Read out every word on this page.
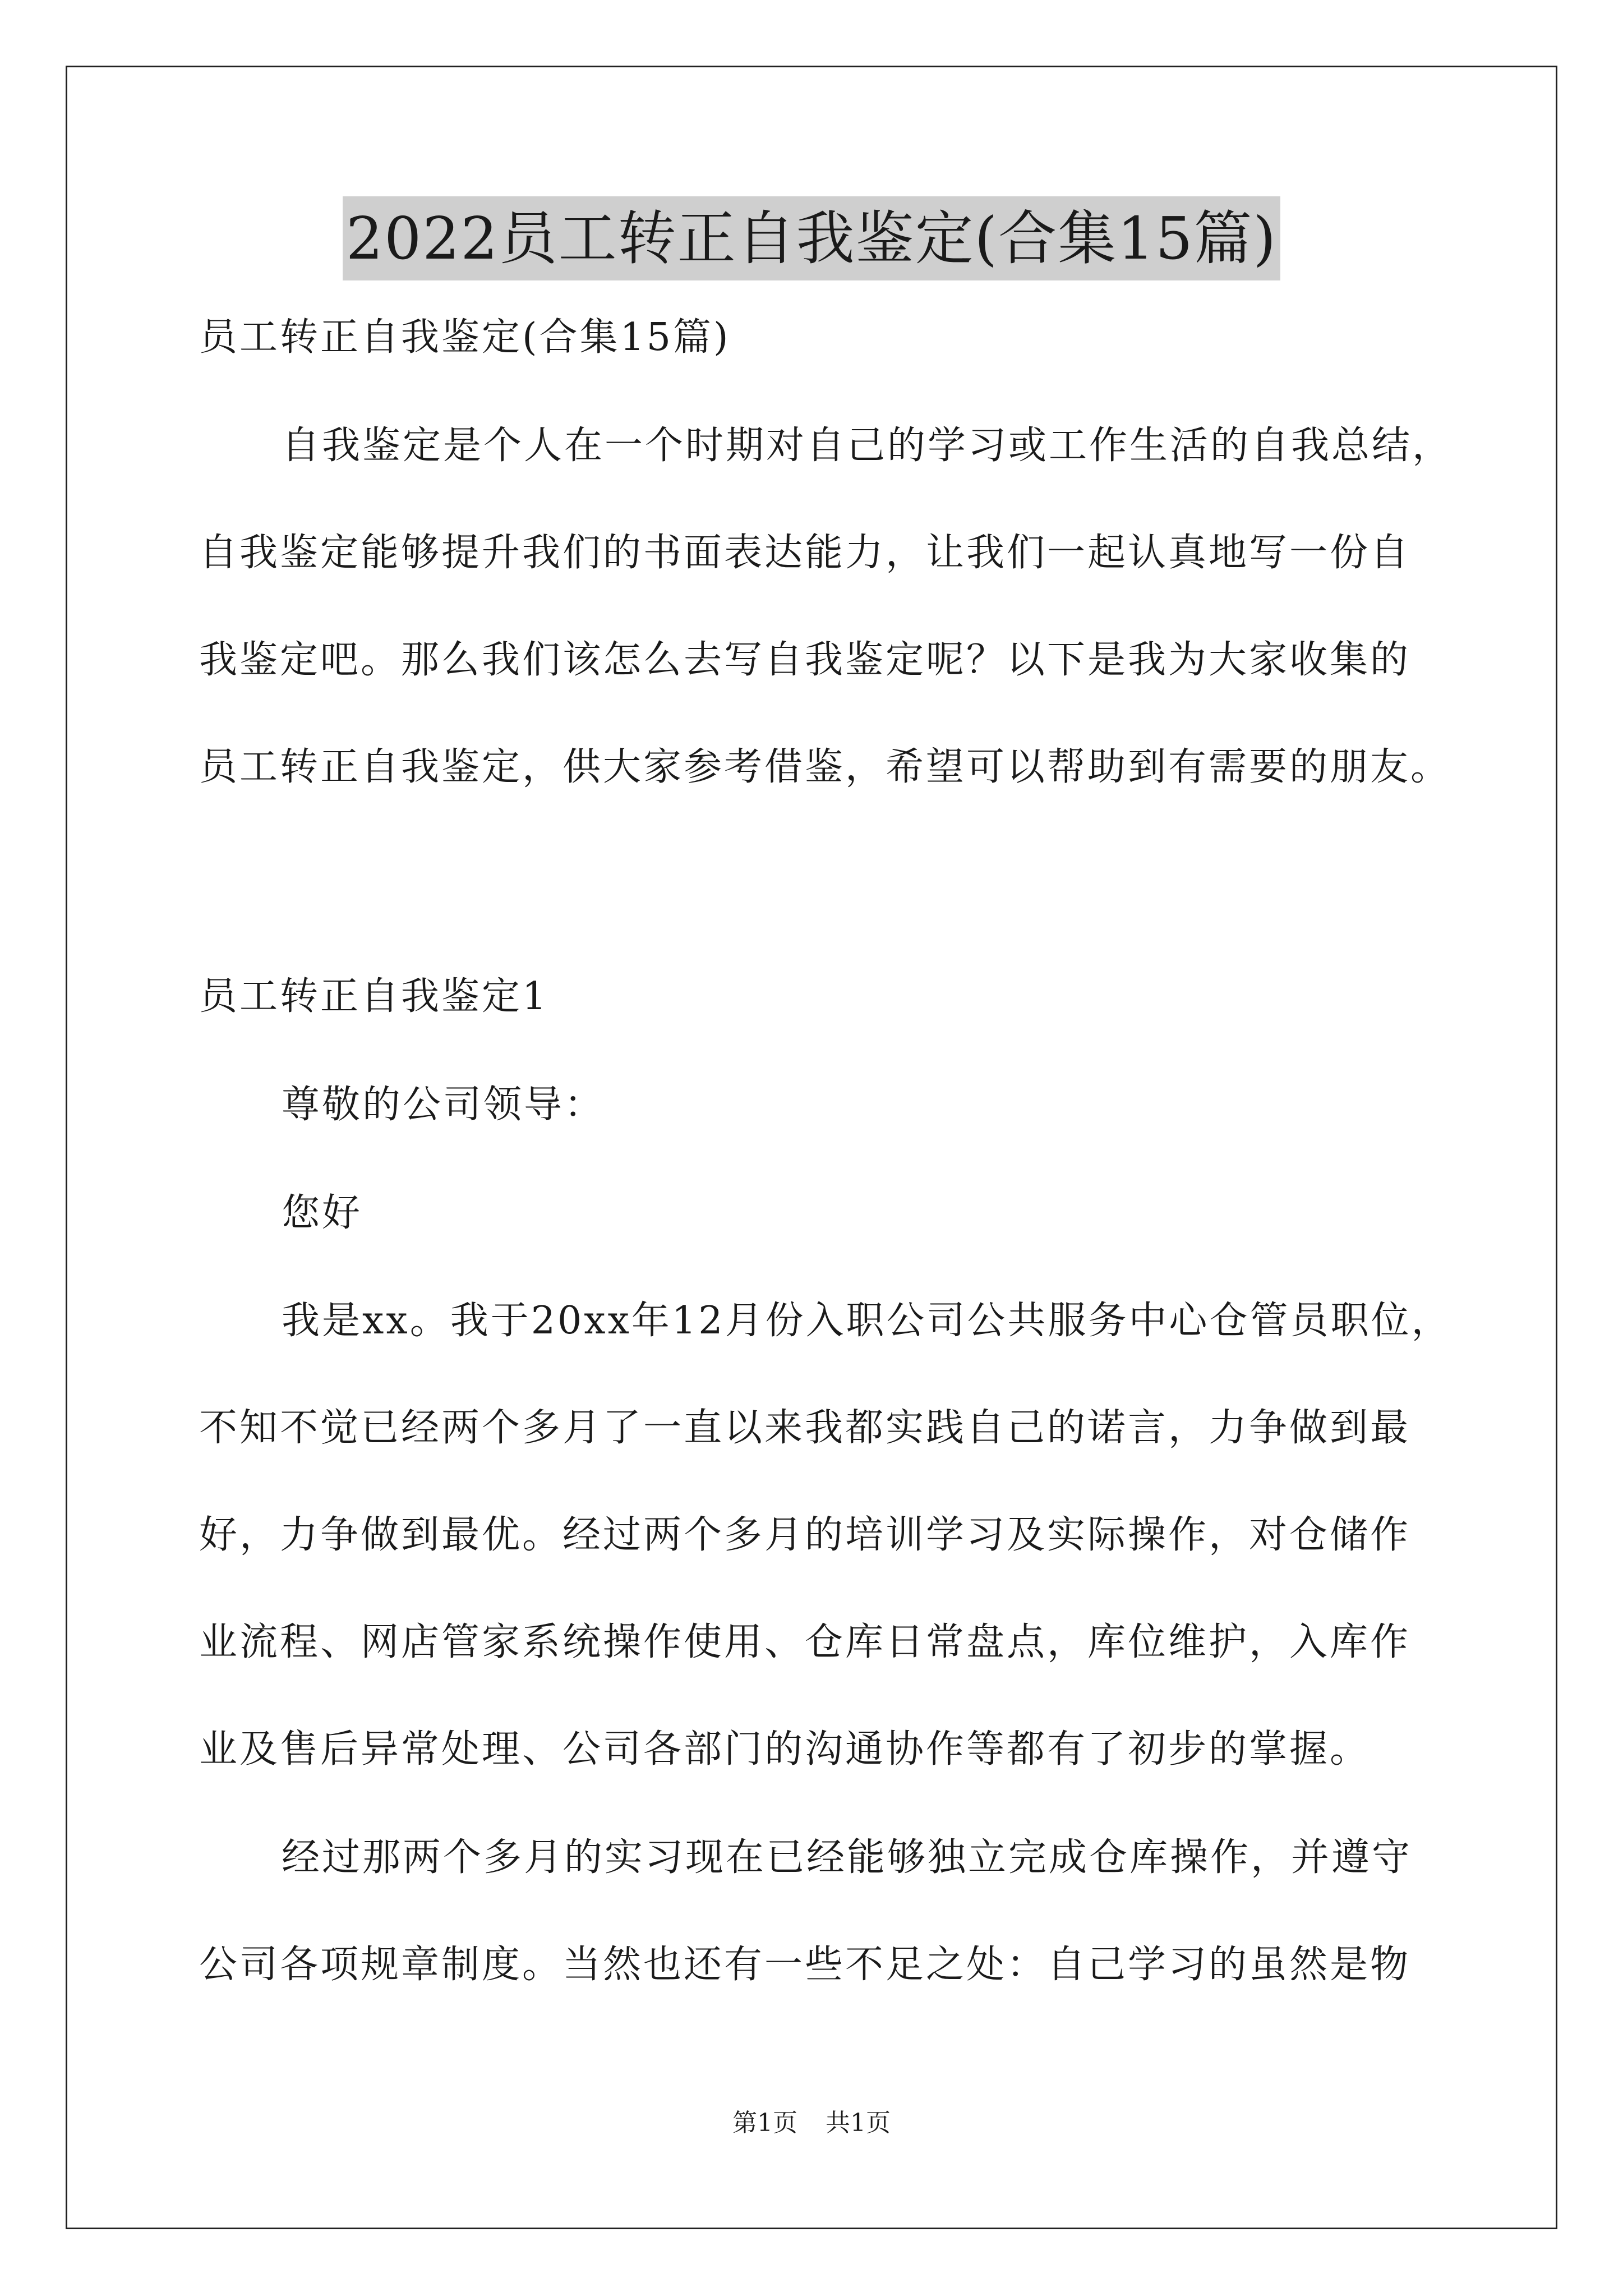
2022员工转正自我鉴定(合集15篇)

员工转正自我鉴定(合集15篇)

自我鉴定是个人在一个时期对自己的学习或工作生活的自我总结，

自我鉴定能够提升我们的书面表达能力，让我们一起认真地写一份自

我鉴定吧。那么我们该怎么去写自我鉴定呢？以下是我为大家收集的

员工转正自我鉴定，供大家参考借鉴，希望可以帮助到有需要的朋友。

员工转正自我鉴定1

尊敬的公司领导：

您好

我是xx。我于20xx年12月份入职公司公共服务中心仓管员职位，

不知不觉已经两个多月了一直以来我都实践自己的诺言，力争做到最

好，力争做到最优。经过两个多月的培训学习及实际操作，对仓储作

业流程、网店管家系统操作使用、仓库日常盘点，库位维护，入库作

业及售后异常处理、公司各部门的沟通协作等都有了初步的掌握。

经过那两个多月的实习现在已经能够独立完成仓库操作，并遵守

公司各项规章制度。当然也还有一些不足之处：自己学习的虽然是物

第1页 共1页
